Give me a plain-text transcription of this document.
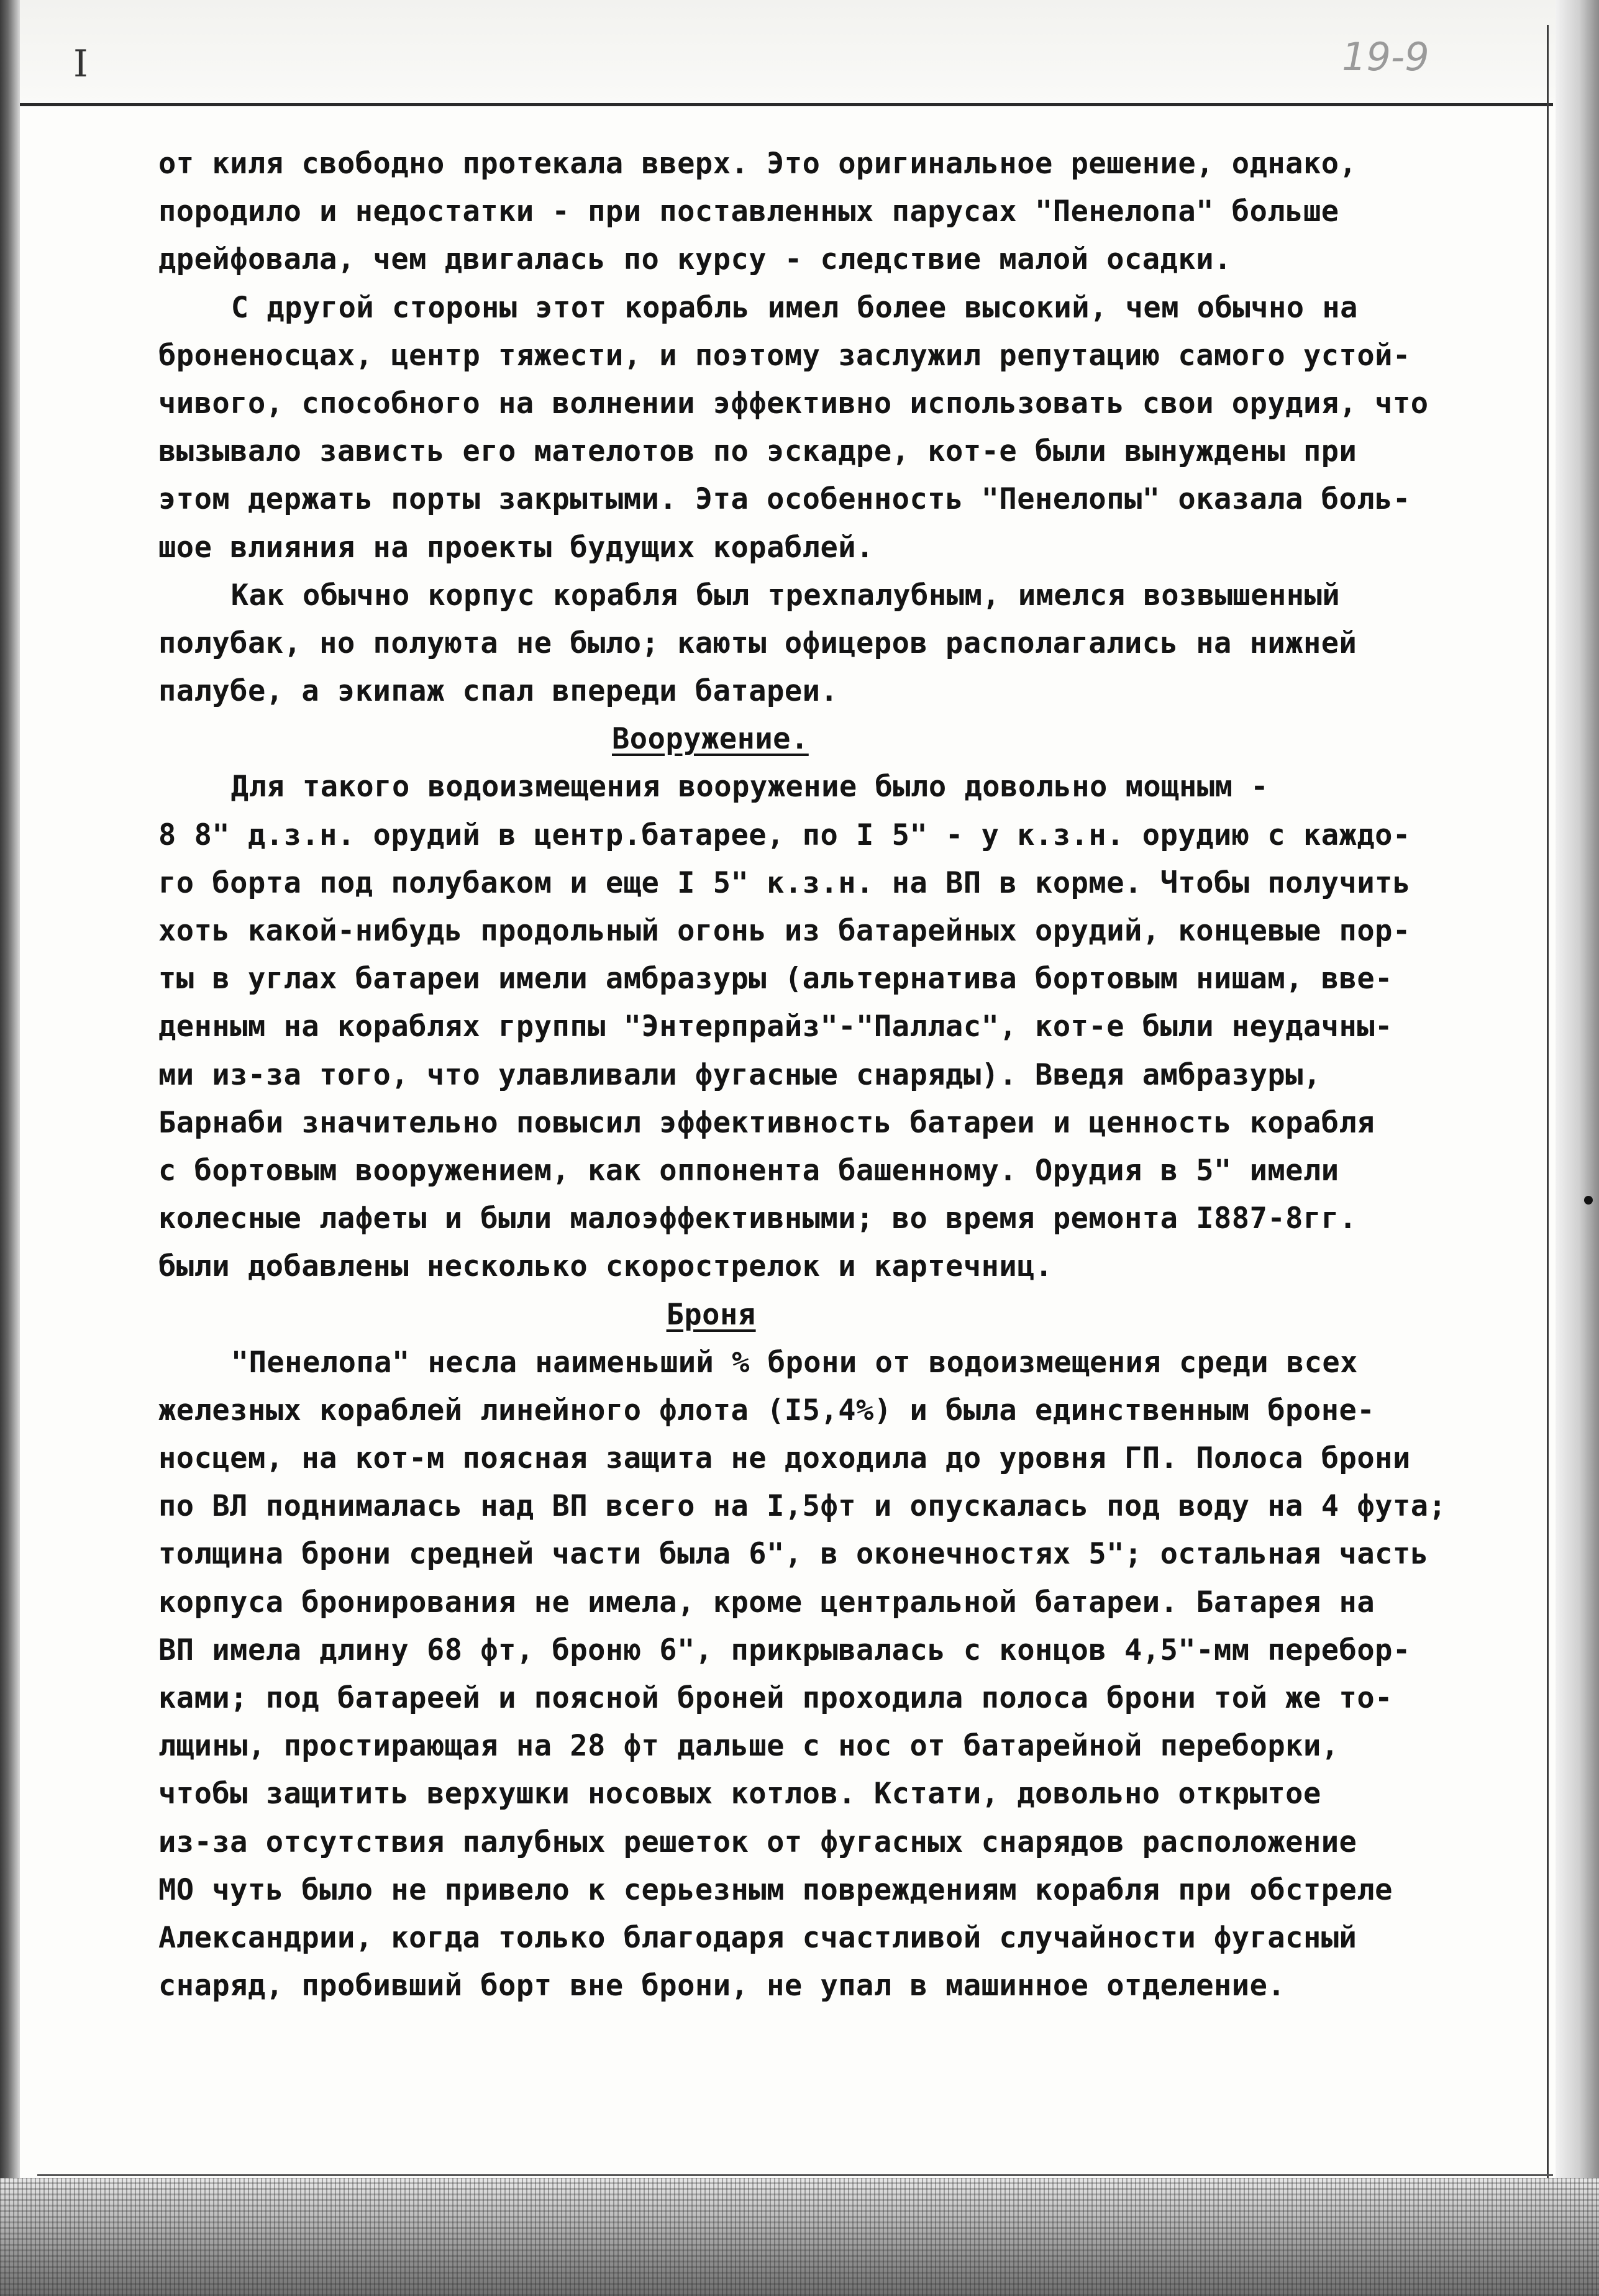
I	19-9
от киля свободно протекала вверх. Это оригинальное решение, однако,
породило и недостатки - при поставленных парусах "Пенелопа" больше
дрейфовала, чем двигалась по курсу - следствие малой осадки.
С другой стороны этот корабль имел более высокий, чем обычно на
броненосцах, центр тяжести, и поэтому заслужил репутацию самого устой-
чивого, способного на волнении эффективно использовать свои орудия, что
вызывало зависть его мателотов по эскадре, кот-е были вынуждены при
этом держать порты закрытыми. Эта особенность "Пенелопы" оказала боль-
шое влияния на проекты будущих кораблей.
Как обычно корпус корабля был трехпалубным, имелся возвышенный
полубак, но полуюта не было; каюты офицеров располагались на нижней
палубе, а экипаж спал впереди батареи.
Вооружение.
Для такого водоизмещения вооружение было довольно мощным -
8 8" д.з.н. орудий в центр.батарее, по I 5" - у к.з.н. орудию с каждо-
го борта под полубаком и еще I 5" к.з.н. на ВП в корме. Чтобы получить
хоть какой-нибудь продольный огонь из батарейных орудий, концевые пор-
ты в углах батареи имели амбразуры (альтернатива бортовым нишам, вве-
денным на кораблях группы "Энтерпрайз"-"Паллас", кот-е были неудачны-
ми из-за того, что улавливали фугасные снаряды). Введя амбразуры,
Барнаби значительно повысил эффективность батареи и ценность корабля
с бортовым вооружением, как оппонента башенному. Орудия в 5" имели
колесные лафеты и были малоэффективными; во время ремонта I887-8гг.
были добавлены несколько скорострелок и картечниц.
Броня
"Пенелопа" несла наименьший % брони от водоизмещения среди всех
железных кораблей линейного флота (I5,4%) и была единственным броне-
носцем, на кот-м поясная защита не доходила до уровня ГП. Полоса брони
по ВЛ поднималась над ВП всего на I,5фт и опускалась под воду на 4 фута;
толщина брони средней части была 6", в оконечностях 5"; остальная часть
корпуса бронирования не имела, кроме центральной батареи. Батарея на
ВП имела длину 68 фт, броню 6", прикрывалась с концов 4,5"-мм перебор-
ками; под батареей и поясной броней проходила полоса брони той же то-
лщины, простирающая на 28 фт дальше с нос от батарейной переборки,
чтобы защитить верхушки носовых котлов. Кстати, довольно открытое
из-за отсутствия палубных решеток от фугасных снарядов расположение
МО чуть было не привело к серьезным повреждениям корабля при обстреле
Александрии, когда только благодаря счастливой случайности фугасный
снаряд, пробивший борт вне брони, не упал в машинное отделение.
